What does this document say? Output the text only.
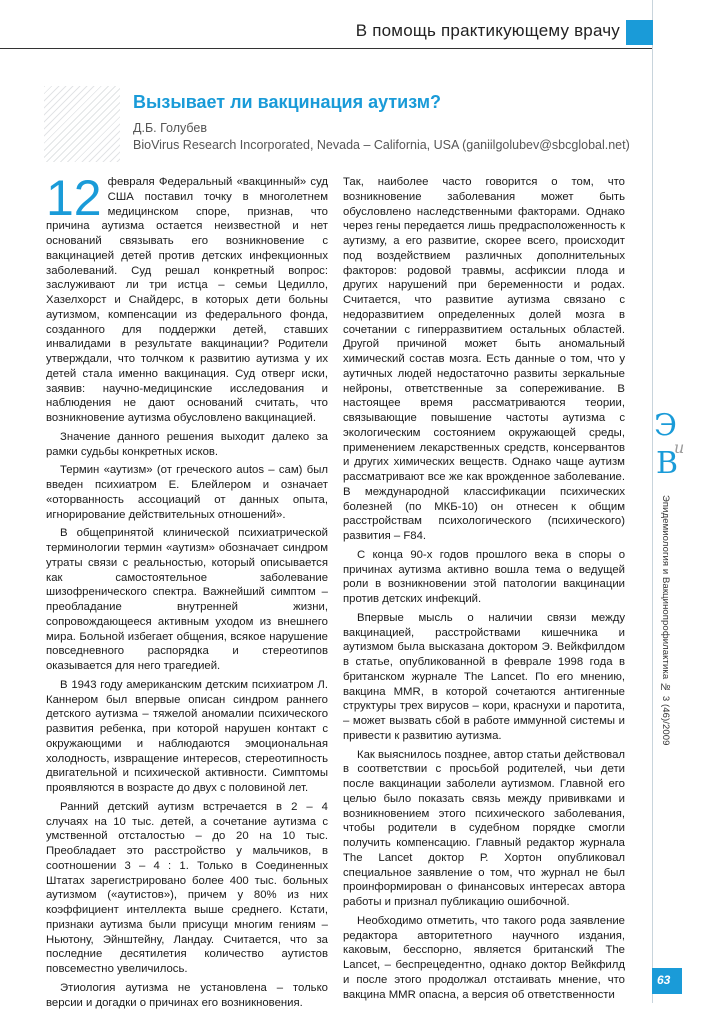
В помощь практикующему врачу
Вызывает ли вакцинация аутизм?
Д.Б. Голубев
BioVirus Research Incorporated, Nevada – California, USA (ganiilgolubev@sbcglobal.net)

12 февраля Федеральный «вакцинный» суд США поставил точку в многолетнем медицинском споре, признав, что причина аутизма остается неизвестной и нет оснований связывать его возникновение с вакцинацией детей против детских инфекционных заболеваний. Суд решал конкретный вопрос: заслуживают ли три истца – семьи Цедилло, Хазелхорст и Снайдерс, в которых дети больны аутизмом, компенсации из федерального фонда, созданного для поддержки детей, ставших инвалидами в результате вакцинации? Родители утверждали, что толчком к развитию аутизма у их детей стала именно вакцинация. Суд отверг иски, заявив: научно-медицинские исследования и наблюдения не дают оснований считать, что возникновение аутизма обусловлено вакцинацией.

Значение данного решения выходит далеко за рамки судьбы конкретных исков.

Термин «аутизм» (от греческого autos – сам) был введен психиатром Е. Блейлером и означает «оторванность ассоциаций от данных опыта, игнорирование действительных отношений».

В общепринятой клинической психиатрической терминологии термин «аутизм» обозначает синдром утраты связи с реальностью, который описывается как самостоятельное заболевание шизофренического спектра. Важнейший симптом – преобладание внутренней жизни, сопровождающееся активным уходом из внешнего мира. Больной избегает общения, всякое нарушение повседневного распорядка и стереотипов оказывается для него трагедией.

В 1943 году американским детским психиатром Л. Каннером был впервые описан синдром раннего детского аутизма – тяжелой аномалии психического развития ребенка, при которой нарушен контакт с окружающими и наблюдаются эмоциональная холодность, извращение интересов, стереотипность двигательной и психической активности. Симптомы проявляются в возрасте до двух с половиной лет.

Ранний детский аутизм встречается в 2 – 4 случаях на 10 тыс. детей, а сочетание аутизма с умственной отсталостью – до 20 на 10 тыс. Преобладает это расстройство у мальчиков, в соотношении 3 – 4 : 1. Только в Соединенных Штатах зарегистрировано более 400 тыс. больных аутизмом («аутистов»), причем у 80% из них коэффициент интеллекта выше среднего. Кстати, признаки аутизма были присущи многим гениям – Ньютону, Эйнштейну, Ландау. Считается, что за последние десятилетия количество аутистов повсеместно увеличилось.

Этиология аутизма не установлена – только версии и догадки о причинах его возникновения.

Так, наиболее часто говорится о том, что возникновение заболевания может быть обусловлено наследственными факторами. Однако через гены передается лишь предрасположенность к аутизму, а его развитие, скорее всего, происходит под воздействием различных дополнительных факторов: родовой травмы, асфиксии плода и других нарушений при беременности и родах. Считается, что развитие аутизма связано с недоразвитием определенных долей мозга в сочетании с гиперразвитием остальных областей. Другой причиной может быть аномальный химический состав мозга. Есть данные о том, что у аутичных людей недостаточно развиты зеркальные нейроны, ответственные за сопереживание. В настоящее время рассматриваются теории, связывающие повышение частоты аутизма с экологическим состоянием окружающей среды, применением лекарственных средств, консервантов и других химических веществ. Однако чаще аутизм рассматривают все же как врожденное заболевание. В международной классификации психических болезней (по МКБ-10) он отнесен к общим расстройствам психологического (психического) развития – F84.

С конца 90-х годов прошлого века в споры о причинах аутизма активно вошла тема о ведущей роли в возникновении этой патологии вакцинации против детских инфекций.

Впервые мысль о наличии связи между вакцинацией, расстройствами кишечника и аутизмом была высказана доктором Э. Вейкфилдом в статье, опубликованной в феврале 1998 года в британском журнале The Lancet. По его мнению, вакцина MMR, в которой сочетаются антигенные структуры трех вирусов – кори, краснухи и паротита, – может вызвать сбой в работе иммунной системы и привести к развитию аутизма.

Как выяснилось позднее, автор статьи действовал в соответствии с просьбой родителей, чьи дети после вакцинации заболели аутизмом. Главной его целью было показать связь между прививками и возникновением этого психического заболевания, чтобы родители в судебном порядке смогли получить компенсацию. Главный редактор журнала The Lancet доктор Р. Хортон опубликовал специальное заявление о том, что журнал не был проинформирован о финансовых интересах автора работы и признал публикацию ошибочной.

Необходимо отметить, что такого рода заявление редактора авторитетного научного издания, каковым, бесспорно, является британский The Lancet, – беспрецедентно, однако доктор Вейкфилд и после этого продолжал отстаивать мнение, что вакцина MMR опасна, а версия об ответственности

Э
и
В
Эпидемиология и Вакцинопрофилактика № 3 (46)/2009
63
